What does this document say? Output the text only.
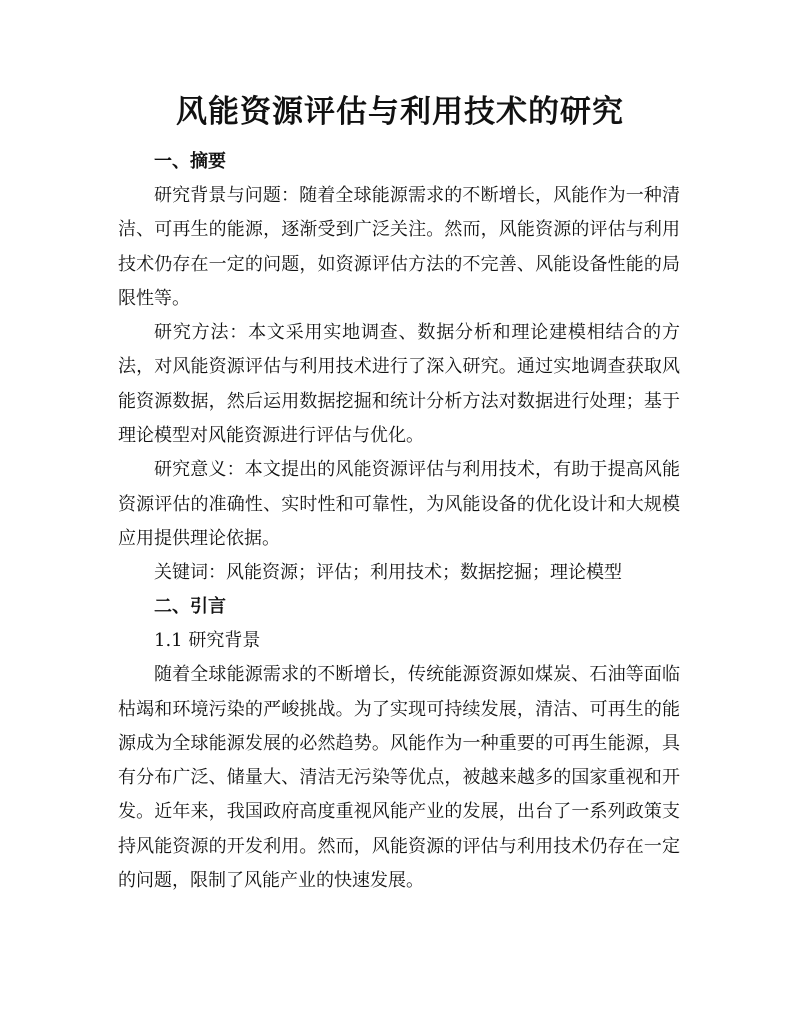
风能资源评估与利用技术的研究
一、摘要

研究背景与问题：随着全球能源需求的不断增长，风能作为一种清洁、可再生的能源，逐渐受到广泛关注。然而，风能资源的评估与利用技术仍存在一定的问题，如资源评估方法的不完善、风能设备性能的局限性等。

研究方法：本文采用实地调查、数据分析和理论建模相结合的方法，对风能资源评估与利用技术进行了深入研究。通过实地调查获取风能资源数据，然后运用数据挖掘和统计分析方法对数据进行处理；基于理论模型对风能资源进行评估与优化。

研究意义：本文提出的风能资源评估与利用技术，有助于提高风能资源评估的准确性、实时性和可靠性，为风能设备的优化设计和大规模应用提供理论依据。

关键词：风能资源；评估；利用技术；数据挖掘；理论模型
二、引言
1.1 研究背景

随着全球能源需求的不断增长，传统能源资源如煤炭、石油等面临枯竭和环境污染的严峻挑战。为了实现可持续发展，清洁、可再生的能源成为全球能源发展的必然趋势。风能作为一种重要的可再生能源，具有分布广泛、储量大、清洁无污染等优点，被越来越多的国家重视和开发。近年来，我国政府高度重视风能产业的发展，出台了一系列政策支持风能资源的开发利用。然而，风能资源的评估与利用技术仍存在一定的问题，限制了风能产业的快速发展。
